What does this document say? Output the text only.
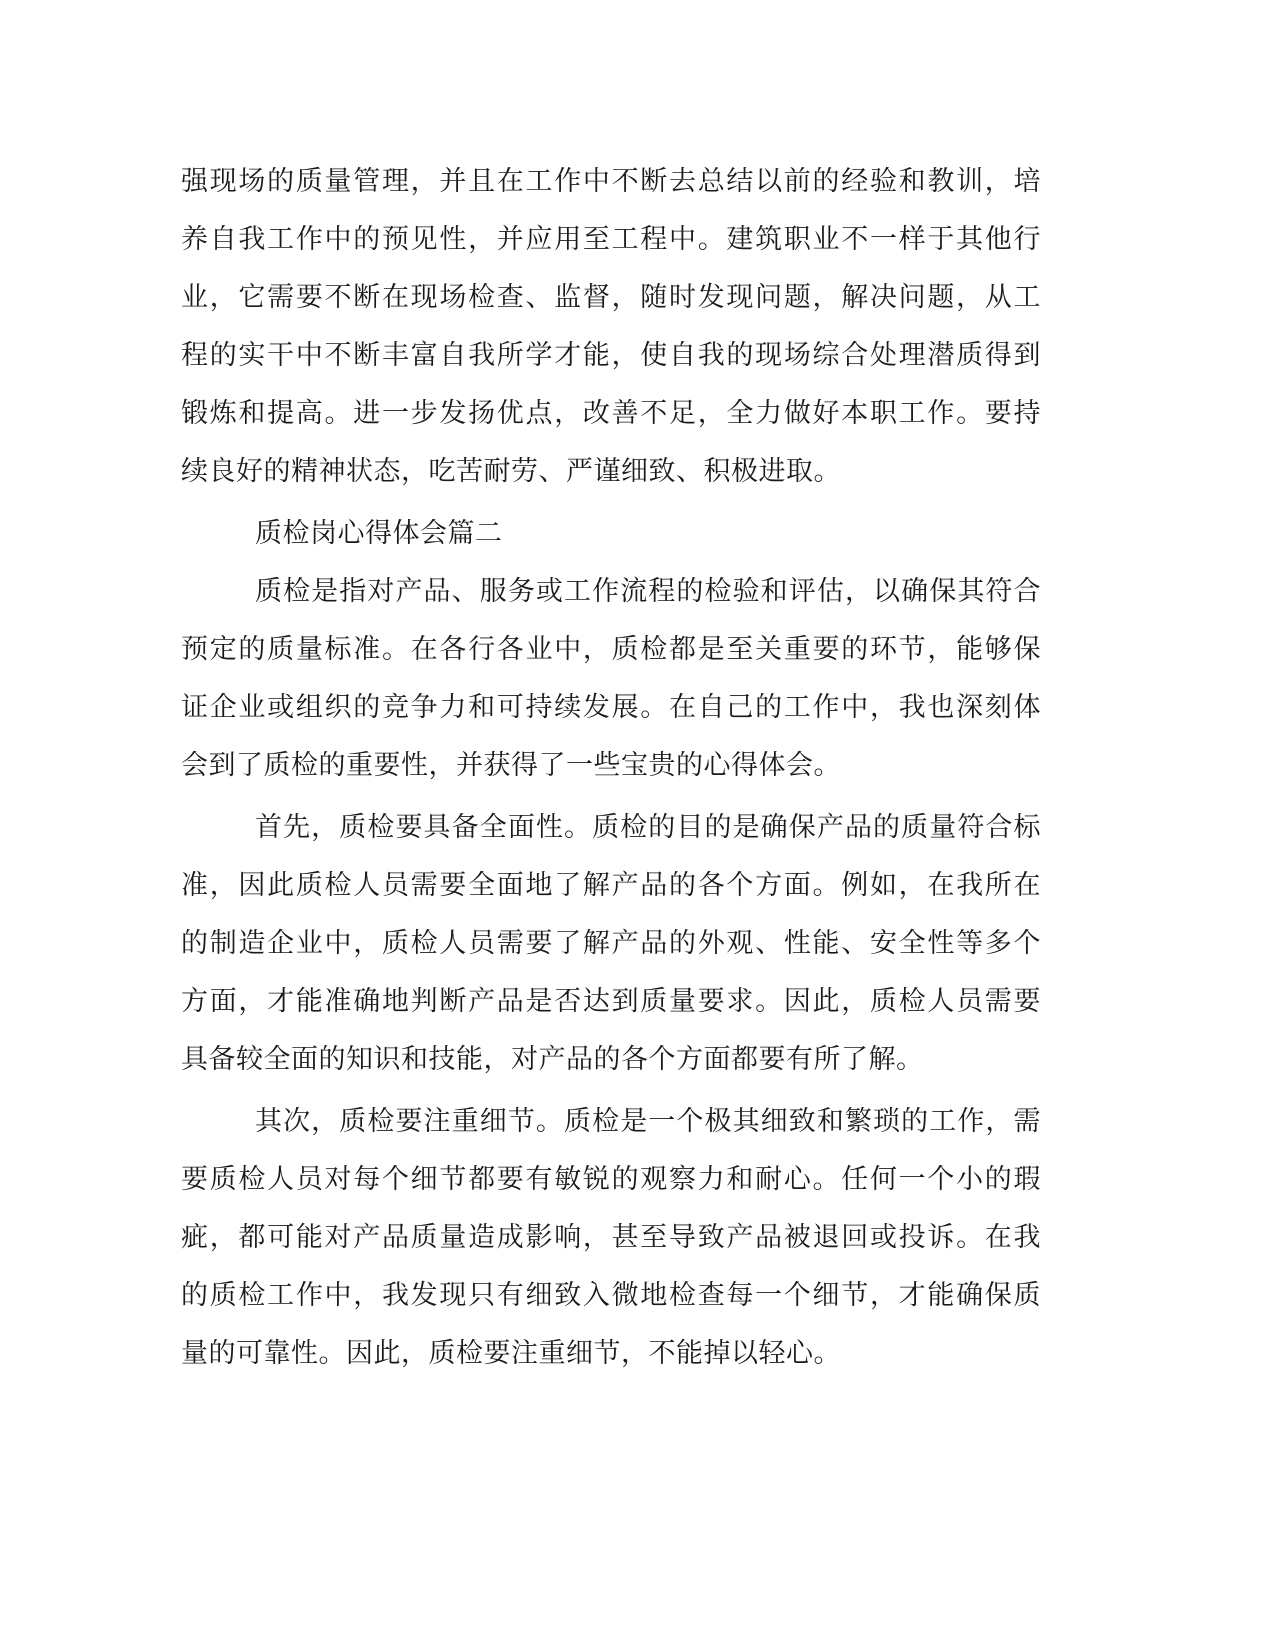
强现场的质量管理，并且在工作中不断去总结以前的经验和教训，培

养自我工作中的预见性，并应用至工程中。建筑职业不一样于其他行

业，它需要不断在现场检查、监督，随时发现问题，解决问题，从工

程的实干中不断丰富自我所学才能，使自我的现场综合处理潜质得到

锻炼和提高。进一步发扬优点，改善不足，全力做好本职工作。要持

续良好的精神状态，吃苦耐劳、严谨细致、积极进取。

质检岗心得体会篇二

质检是指对产品、服务或工作流程的检验和评估，以确保其符合

预定的质量标准。在各行各业中，质检都是至关重要的环节，能够保

证企业或组织的竞争力和可持续发展。在自己的工作中，我也深刻体

会到了质检的重要性，并获得了一些宝贵的心得体会。

首先，质检要具备全面性。质检的目的是确保产品的质量符合标

准，因此质检人员需要全面地了解产品的各个方面。例如，在我所在

的制造企业中，质检人员需要了解产品的外观、性能、安全性等多个

方面，才能准确地判断产品是否达到质量要求。因此，质检人员需要

具备较全面的知识和技能，对产品的各个方面都要有所了解。

其次，质检要注重细节。质检是一个极其细致和繁琐的工作，需

要质检人员对每个细节都要有敏锐的观察力和耐心。任何一个小的瑕

疵，都可能对产品质量造成影响，甚至导致产品被退回或投诉。在我

的质检工作中，我发现只有细致入微地检查每一个细节，才能确保质

量的可靠性。因此，质检要注重细节，不能掉以轻心。
